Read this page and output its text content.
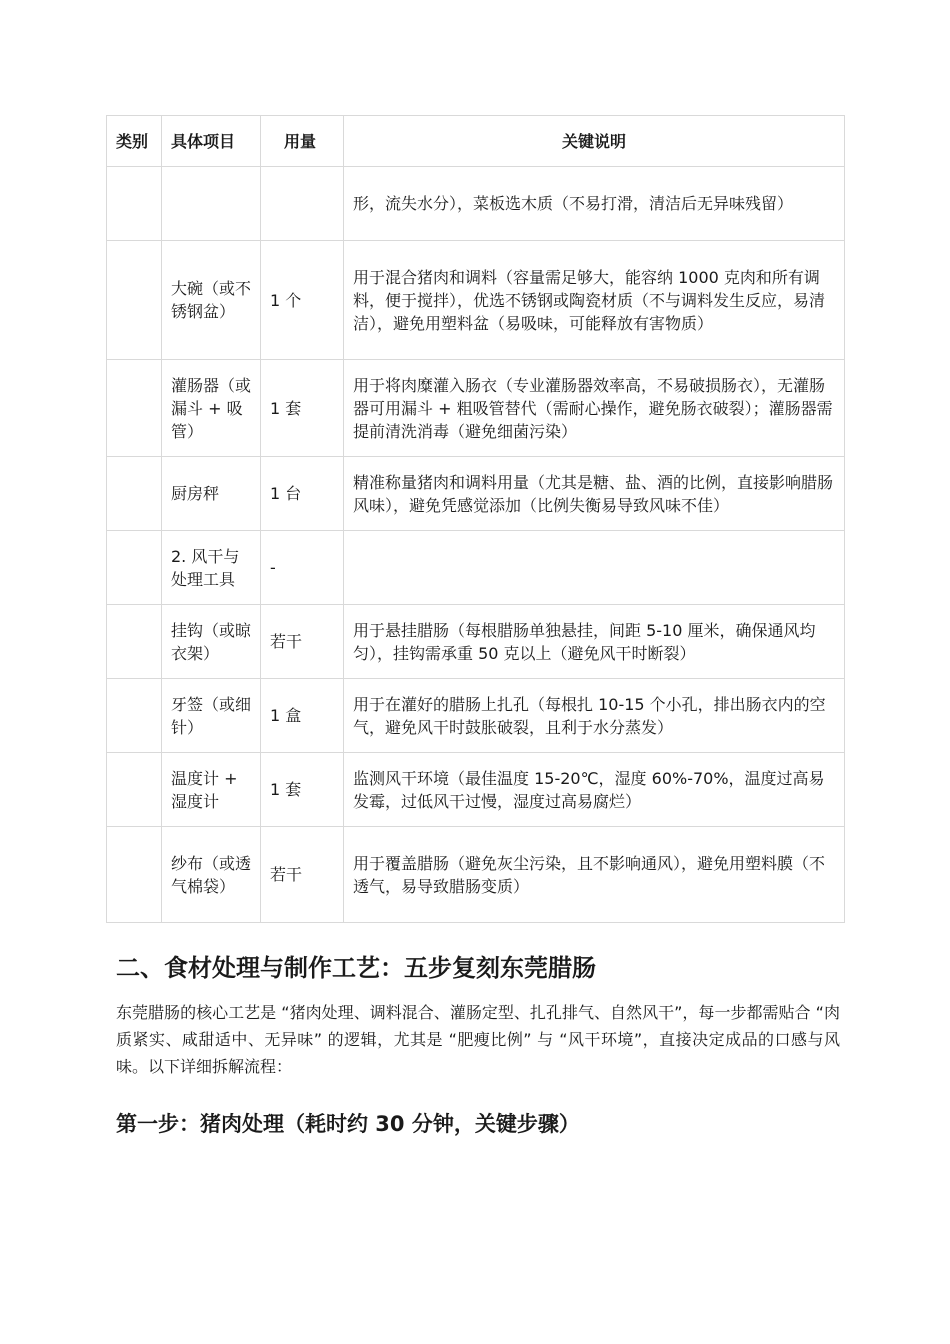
类别	具体项目	用量	关键说明
			形，流失水分），菜板选木质（不易打滑，清洁后无异味残留）
	大碗（或不锈钢盆）	1 个	用于混合猪肉和调料（容量需足够大，能容纳 1000 克肉和所有调料，便于搅拌），优选不锈钢或陶瓷材质（不与调料发生反应，易清洁），避免用塑料盆（易吸味，可能释放有害物质）
	灌肠器（或漏斗 + 吸管）	1 套	用于将肉糜灌入肠衣（专业灌肠器效率高，不易破损肠衣），无灌肠器可用漏斗 + 粗吸管替代（需耐心操作，避免肠衣破裂）；灌肠器需提前清洗消毒（避免细菌污染）
	厨房秤	1 台	精准称量猪肉和调料用量（尤其是糖、盐、酒的比例，直接影响腊肠风味），避免凭感觉添加（比例失衡易导致风味不佳）
	2. 风干与处理工具	-	
	挂钩（或晾衣架）	若干	用于悬挂腊肠（每根腊肠单独悬挂，间距 5-10 厘米，确保通风均匀），挂钩需承重 50 克以上（避免风干时断裂）
	牙签（或细针）	1 盒	用于在灌好的腊肠上扎孔（每根扎 10-15 个小孔，排出肠衣内的空气，避免风干时鼓胀破裂，且利于水分蒸发）
	温度计 + 湿度计	1 套	监测风干环境（最佳温度 15-20℃，湿度 60%-70%，温度过高易发霉，过低风干过慢，湿度过高易腐烂）
	纱布（或透气棉袋）	若干	用于覆盖腊肠（避免灰尘污染，且不影响通风），避免用塑料膜（不透气，易导致腊肠变质）
二、食材处理与制作工艺：五步复刻东莞腊肠

东莞腊肠的核心工艺是 “猪肉处理、调料混合、灌肠定型、扎孔排气、自然风干”，每一步都需贴合 “肉质紧实、咸甜适中、无异味” 的逻辑，尤其是 “肥瘦比例” 与 “风干环境”，直接决定成品的口感与风味。以下详细拆解流程：

第一步：猪肉处理（耗时约 30 分钟，关键步骤）
